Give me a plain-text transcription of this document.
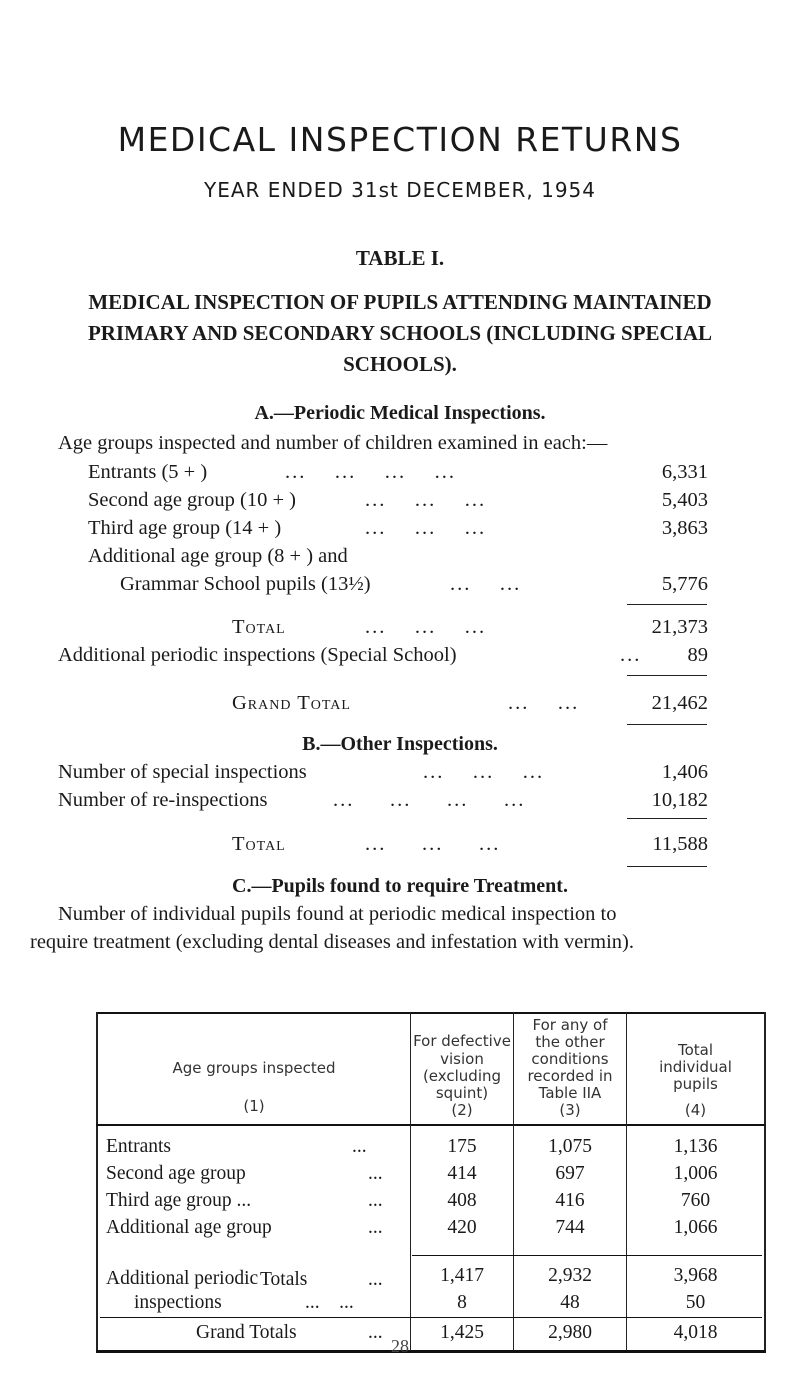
MEDICAL INSPECTION RETURNS
YEAR ENDED 31st DECEMBER, 1954
TABLE I.
MEDICAL INSPECTION OF PUPILS ATTENDING MAINTAINED
PRIMARY AND SECONDARY SCHOOLS (INCLUDING SPECIAL
SCHOOLS).
A.—Periodic Medical Inspections.
Age groups inspected and number of children examined in each:—
Entrants (5 + )	...    ...    ...    ...	6,331
Second age group (10 + )	...    ...    ...	5,403
Third age group (14 + )	...    ...    ...	3,863
Additional age group (8 + ) and
Grammar School pupils (13½)	...    ...	5,776
Total	...    ...    ...	21,373
Additional periodic inspections (Special School)	...	89
Grand Total	...    ...	21,462
B.—Other Inspections.
Number of special inspections	...    ...    ...	1,406
Number of re-inspections	...     ...     ...     ...	10,182
Total	...     ...     ...	11,588
C.—Pupils found to require Treatment.
Number of individual pupils found at periodic medical inspection to
require treatment (excluding dental diseases and infestation with vermin).
Age groups inspected
(1)
For defective
vision
(excluding
squint)
(2)
For any of
the other
conditions
recorded in
Table IIA
(3)
Total
individual
pupils
(4)
Entrants	...	175	1,075	1,136
Second age group	...	414	697	1,006
Third age group ...	...	408	416	760
Additional age group	...	420	744	1,066
Totals	...	1,417	2,932	3,968
Additional periodic
inspections	...    ...	8	48	50
28
Grand Totals	...	1,425	2,980	4,018
